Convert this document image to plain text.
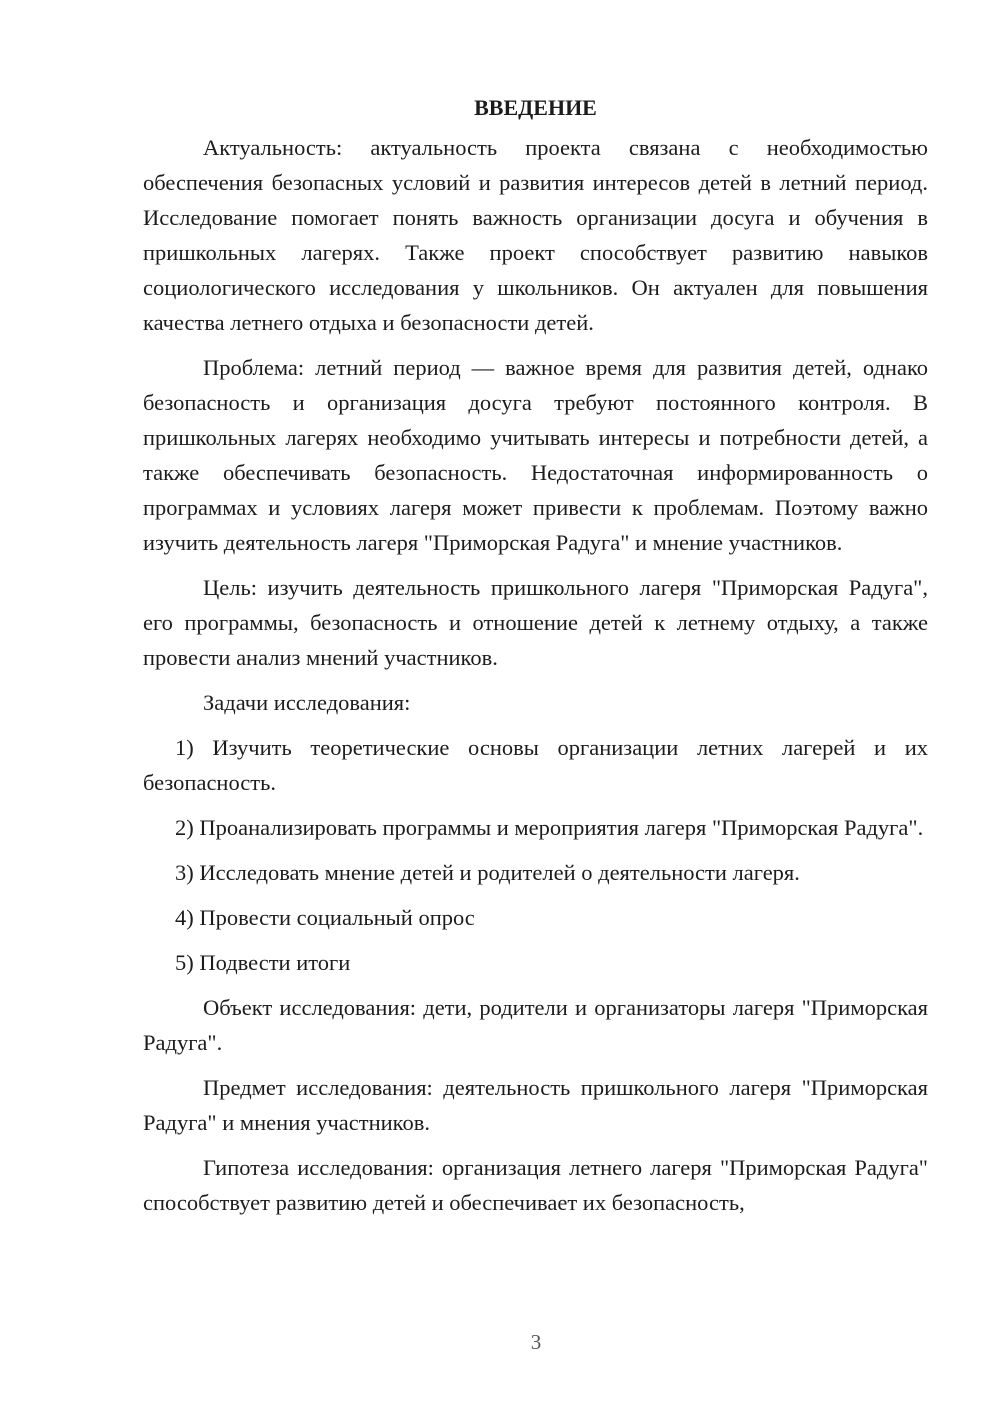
ВВЕДЕНИЕ

Актуальность: актуальность проекта связана с необходимостью обеспечения безопасных условий и развития интересов детей в летний период. Исследование помогает понять важность организации досуга и обучения в пришкольных лагерях. Также проект способствует развитию навыков социологического исследования у школьников. Он актуален для повышения качества летнего отдыха и безопасности детей.

Проблема: летний период — важное время для развития детей, однако безопасность и организация досуга требуют постоянного контроля. В пришкольных лагерях необходимо учитывать интересы и потребности детей, а также обеспечивать безопасность. Недостаточная информированность о программах и условиях лагеря может привести к проблемам. Поэтому важно изучить деятельность лагеря "Приморская Радуга" и мнение участников.

Цель: изучить деятельность пришкольного лагеря "Приморская Радуга", его программы, безопасность и отношение детей к летнему отдыху, а также провести анализ мнений участников.

Задачи исследования:

1) Изучить теоретические основы организации летних лагерей и их безопасность.

2) Проанализировать программы и мероприятия лагеря "Приморская Радуга".

3) Исследовать мнение детей и родителей о деятельности лагеря.

4) Провести социальный опрос

5) Подвести итоги

Объект исследования: дети, родители и организаторы лагеря "Приморская Радуга".

Предмет исследования: деятельность пришкольного лагеря "Приморская Радуга" и мнения участников.

Гипотеза исследования: организация летнего лагеря "Приморская Радуга" способствует развитию детей и обеспечивает их безопасность,

3
